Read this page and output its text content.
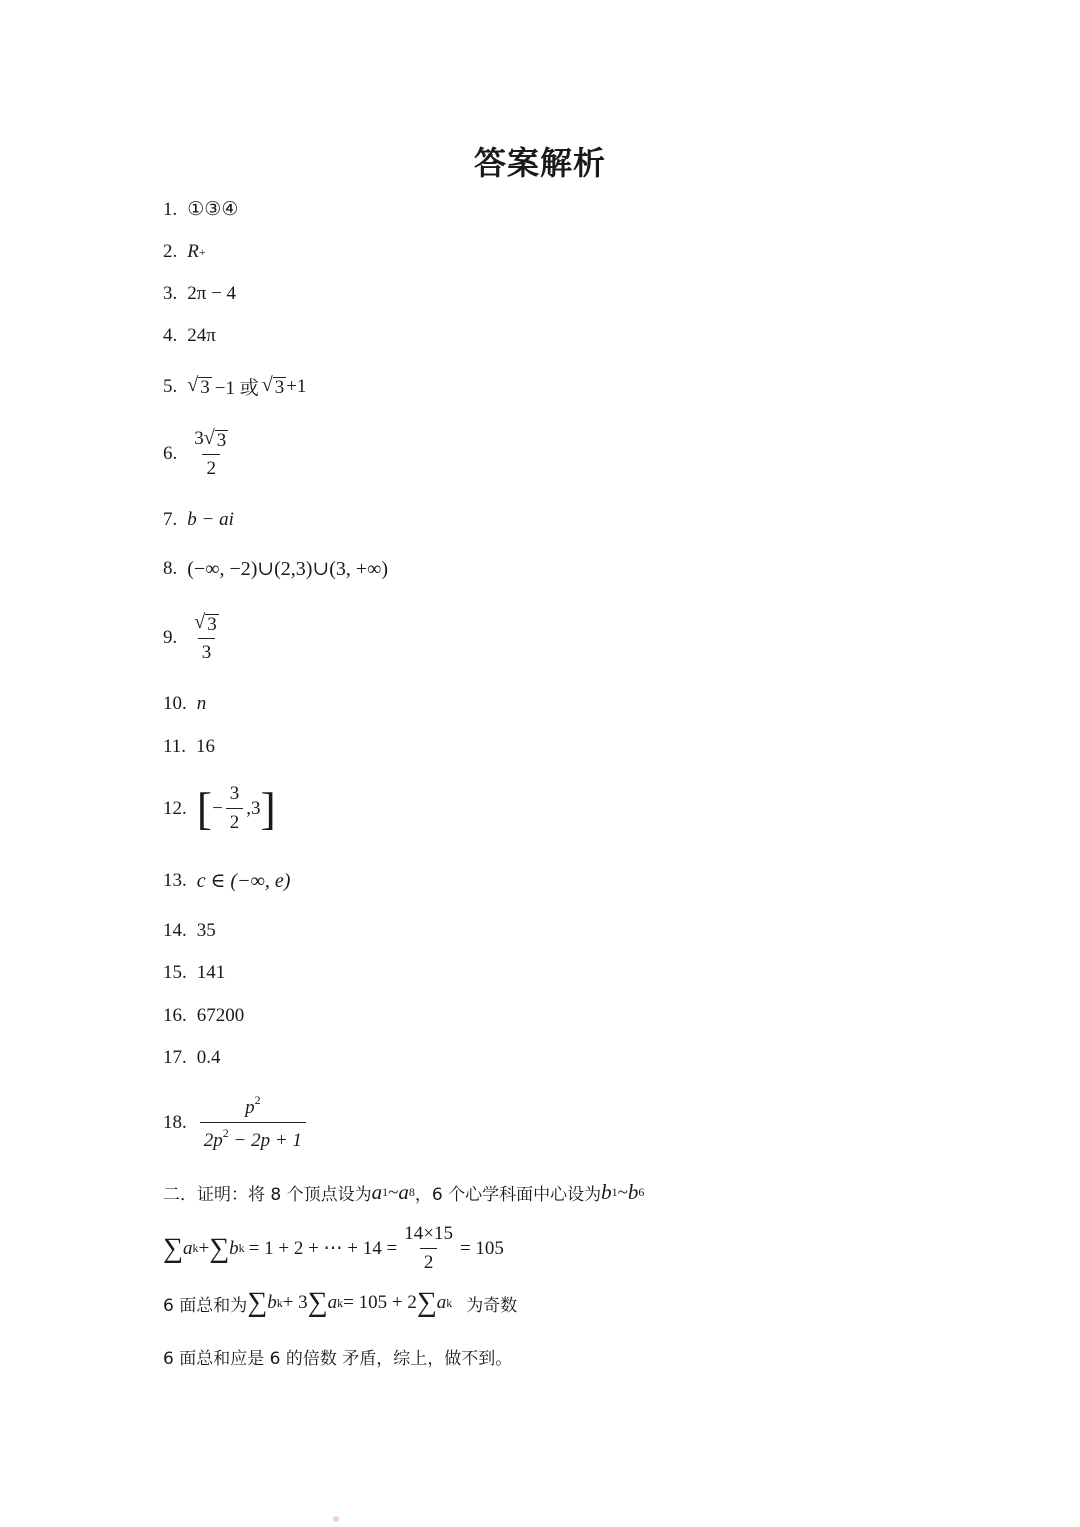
答案解析
1. ①③④
2. R +
3. 2π − 4
4. 24π
5. √ 3 −1 或 √ 3 +1
6. $\frac{3 √ 3}{2}$
7. b − ai
8. (−∞, −2)∪(2,3)∪(3, +∞)
9. $\frac{√ 3}{3}$
10. n
11. 16
12. [ − $\frac{3}{2} ,3$ ]
13. c ∈ (−∞, e)
14. 35
15. 141
16. 67200
17. 0.4
18. $\frac{p^2}{2p^2 - 2p + 1}$
二．证明：将 8 个顶点设为 a 1 ~ a 8 ，6 个心学科面中心设为 b 1 ~ b 6
∑ a k + ∑ b k = 1 + 2 + ⋯ + $14 = \frac{14\times 15}{2} = 105$
6 面总和为 ∑ b k + 3 ∑ a k = 105 + 2 ∑ a k 为奇数
6 面总和应是 6 的倍数 矛盾，综上，做不到。
